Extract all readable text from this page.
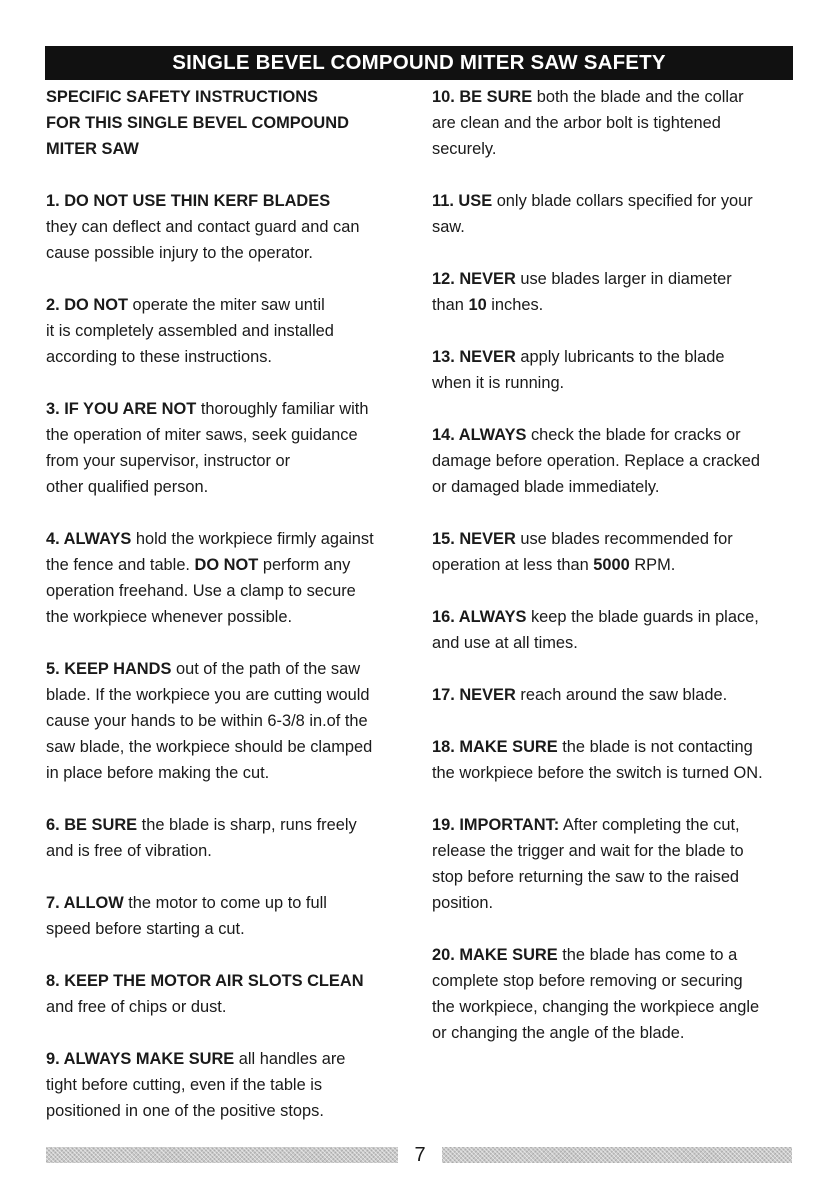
SINGLE BEVEL COMPOUND MITER SAW SAFETY
SPECIFIC SAFETY INSTRUCTIONS
FOR THIS SINGLE BEVEL COMPOUND
MITER SAW
1. DO NOT USE THIN KERF BLADES
they can deflect and contact guard and can
cause possible injury to the operator.
2. DO NOT operate the miter saw until
it is completely assembled and installed
according to these instructions.
3. IF YOU ARE NOT thoroughly familiar with
the operation of miter saws, seek guidance
from your supervisor, instructor or
other qualified person.
4. ALWAYS hold the workpiece firmly against
the fence and table. DO NOT perform any
operation freehand. Use a clamp to secure
the workpiece whenever possible.
5. KEEP HANDS out of the path of the saw
blade. If the workpiece you are cutting would
cause your hands to be within 6-3/8 in.of the
saw blade, the workpiece should be clamped
in place before making the cut.
6. BE SURE the blade is sharp, runs freely
and is free of vibration.
7. ALLOW the motor to come up to full
speed before starting a cut.
8. KEEP THE MOTOR AIR SLOTS CLEAN
and free of chips or dust.
9. ALWAYS MAKE SURE all handles are
tight before cutting, even if the table is
positioned in one of the positive stops.
10. BE SURE both the blade and the collar
are clean and the arbor bolt is tightened
securely.
11. USE only blade collars specified for your
saw.
12. NEVER use blades larger in diameter
than 10 inches.
13. NEVER apply lubricants to the blade
when it is running.
14. ALWAYS check the blade for cracks or
damage before operation. Replace a cracked
or damaged blade immediately.
15. NEVER use blades recommended for
operation at less than 5000 RPM.
16. ALWAYS keep the blade guards in place,
and use at all times.
17. NEVER reach around the saw blade.
18. MAKE SURE the blade is not contacting
the workpiece before the switch is turned ON.
19. IMPORTANT: After completing the cut,
release the trigger and wait for the blade to
stop before returning the saw to the raised
position.
20. MAKE SURE the blade has come to a
complete stop before removing or securing
the workpiece, changing the workpiece angle
or changing the angle of the blade.
7
